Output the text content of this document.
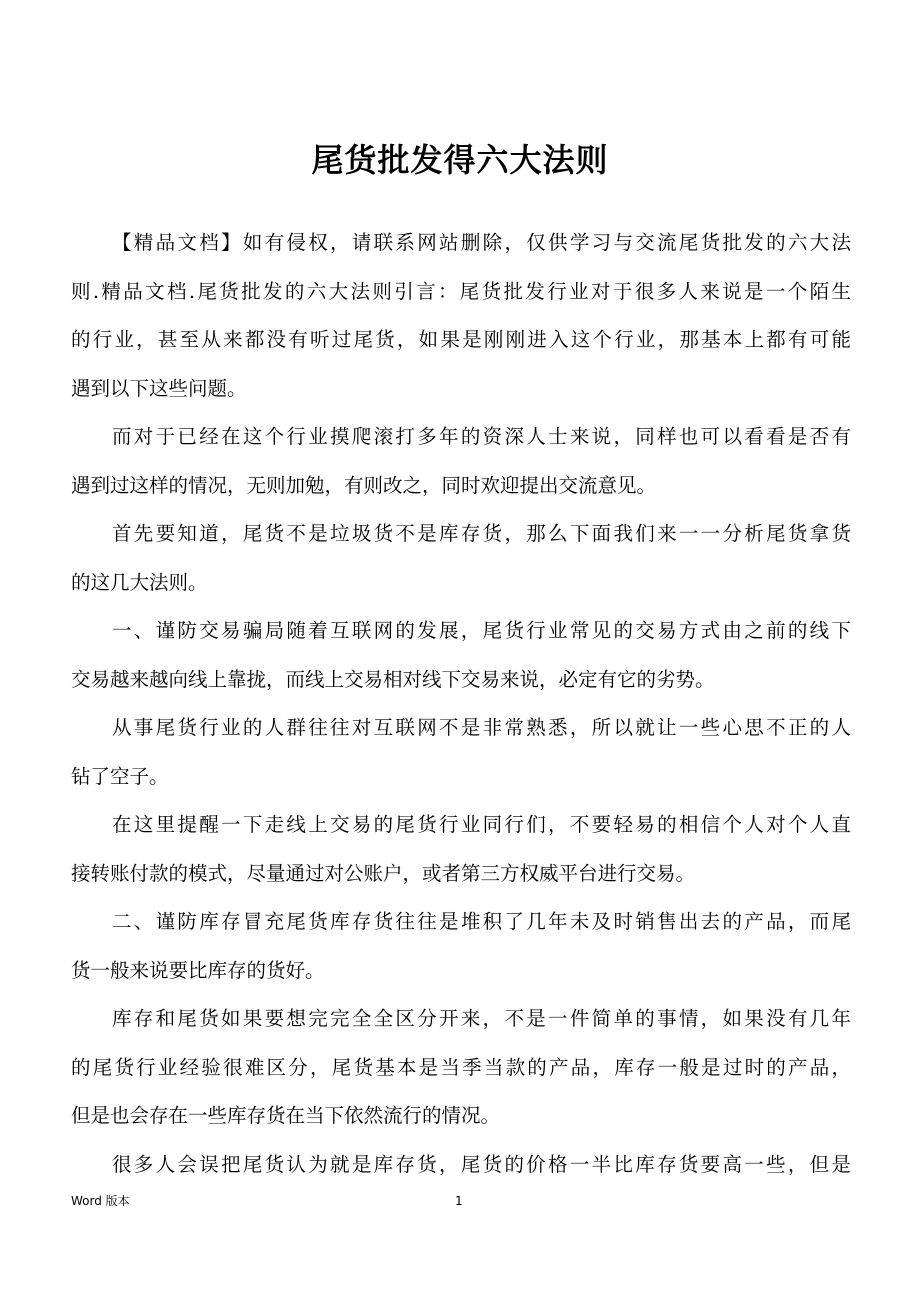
尾货批发得六大法则
【精品文档】如有侵权，请联系网站删除，仅供学习与交流尾货批发的六大法
则.精品文档.尾货批发的六大法则引言：尾货批发行业对于很多人来说是一个陌生
的行业，甚至从来都没有听过尾货，如果是刚刚进入这个行业，那基本上都有可能
遇到以下这些问题。
而对于已经在这个行业摸爬滚打多年的资深人士来说，同样也可以看看是否有
遇到过这样的情况，无则加勉，有则改之，同时欢迎提出交流意见。
首先要知道，尾货不是垃圾货不是库存货，那么下面我们来一一分析尾货拿货
的这几大法则。
一、谨防交易骗局随着互联网的发展，尾货行业常见的交易方式由之前的线下
交易越来越向线上靠拢，而线上交易相对线下交易来说，必定有它的劣势。
从事尾货行业的人群往往对互联网不是非常熟悉，所以就让一些心思不正的人
钻了空子。
在这里提醒一下走线上交易的尾货行业同行们，不要轻易的相信个人对个人直
接转账付款的模式，尽量通过对公账户，或者第三方权威平台进行交易。
二、谨防库存冒充尾货库存货往往是堆积了几年未及时销售出去的产品，而尾
货一般来说要比库存的货好。
库存和尾货如果要想完完全全区分开来，不是一件简单的事情，如果没有几年
的尾货行业经验很难区分，尾货基本是当季当款的产品，库存一般是过时的产品，
但是也会存在一些库存货在当下依然流行的情况。
很多人会误把尾货认为就是库存货，尾货的价格一半比库存货要高一些，但是
Word 版本	1
